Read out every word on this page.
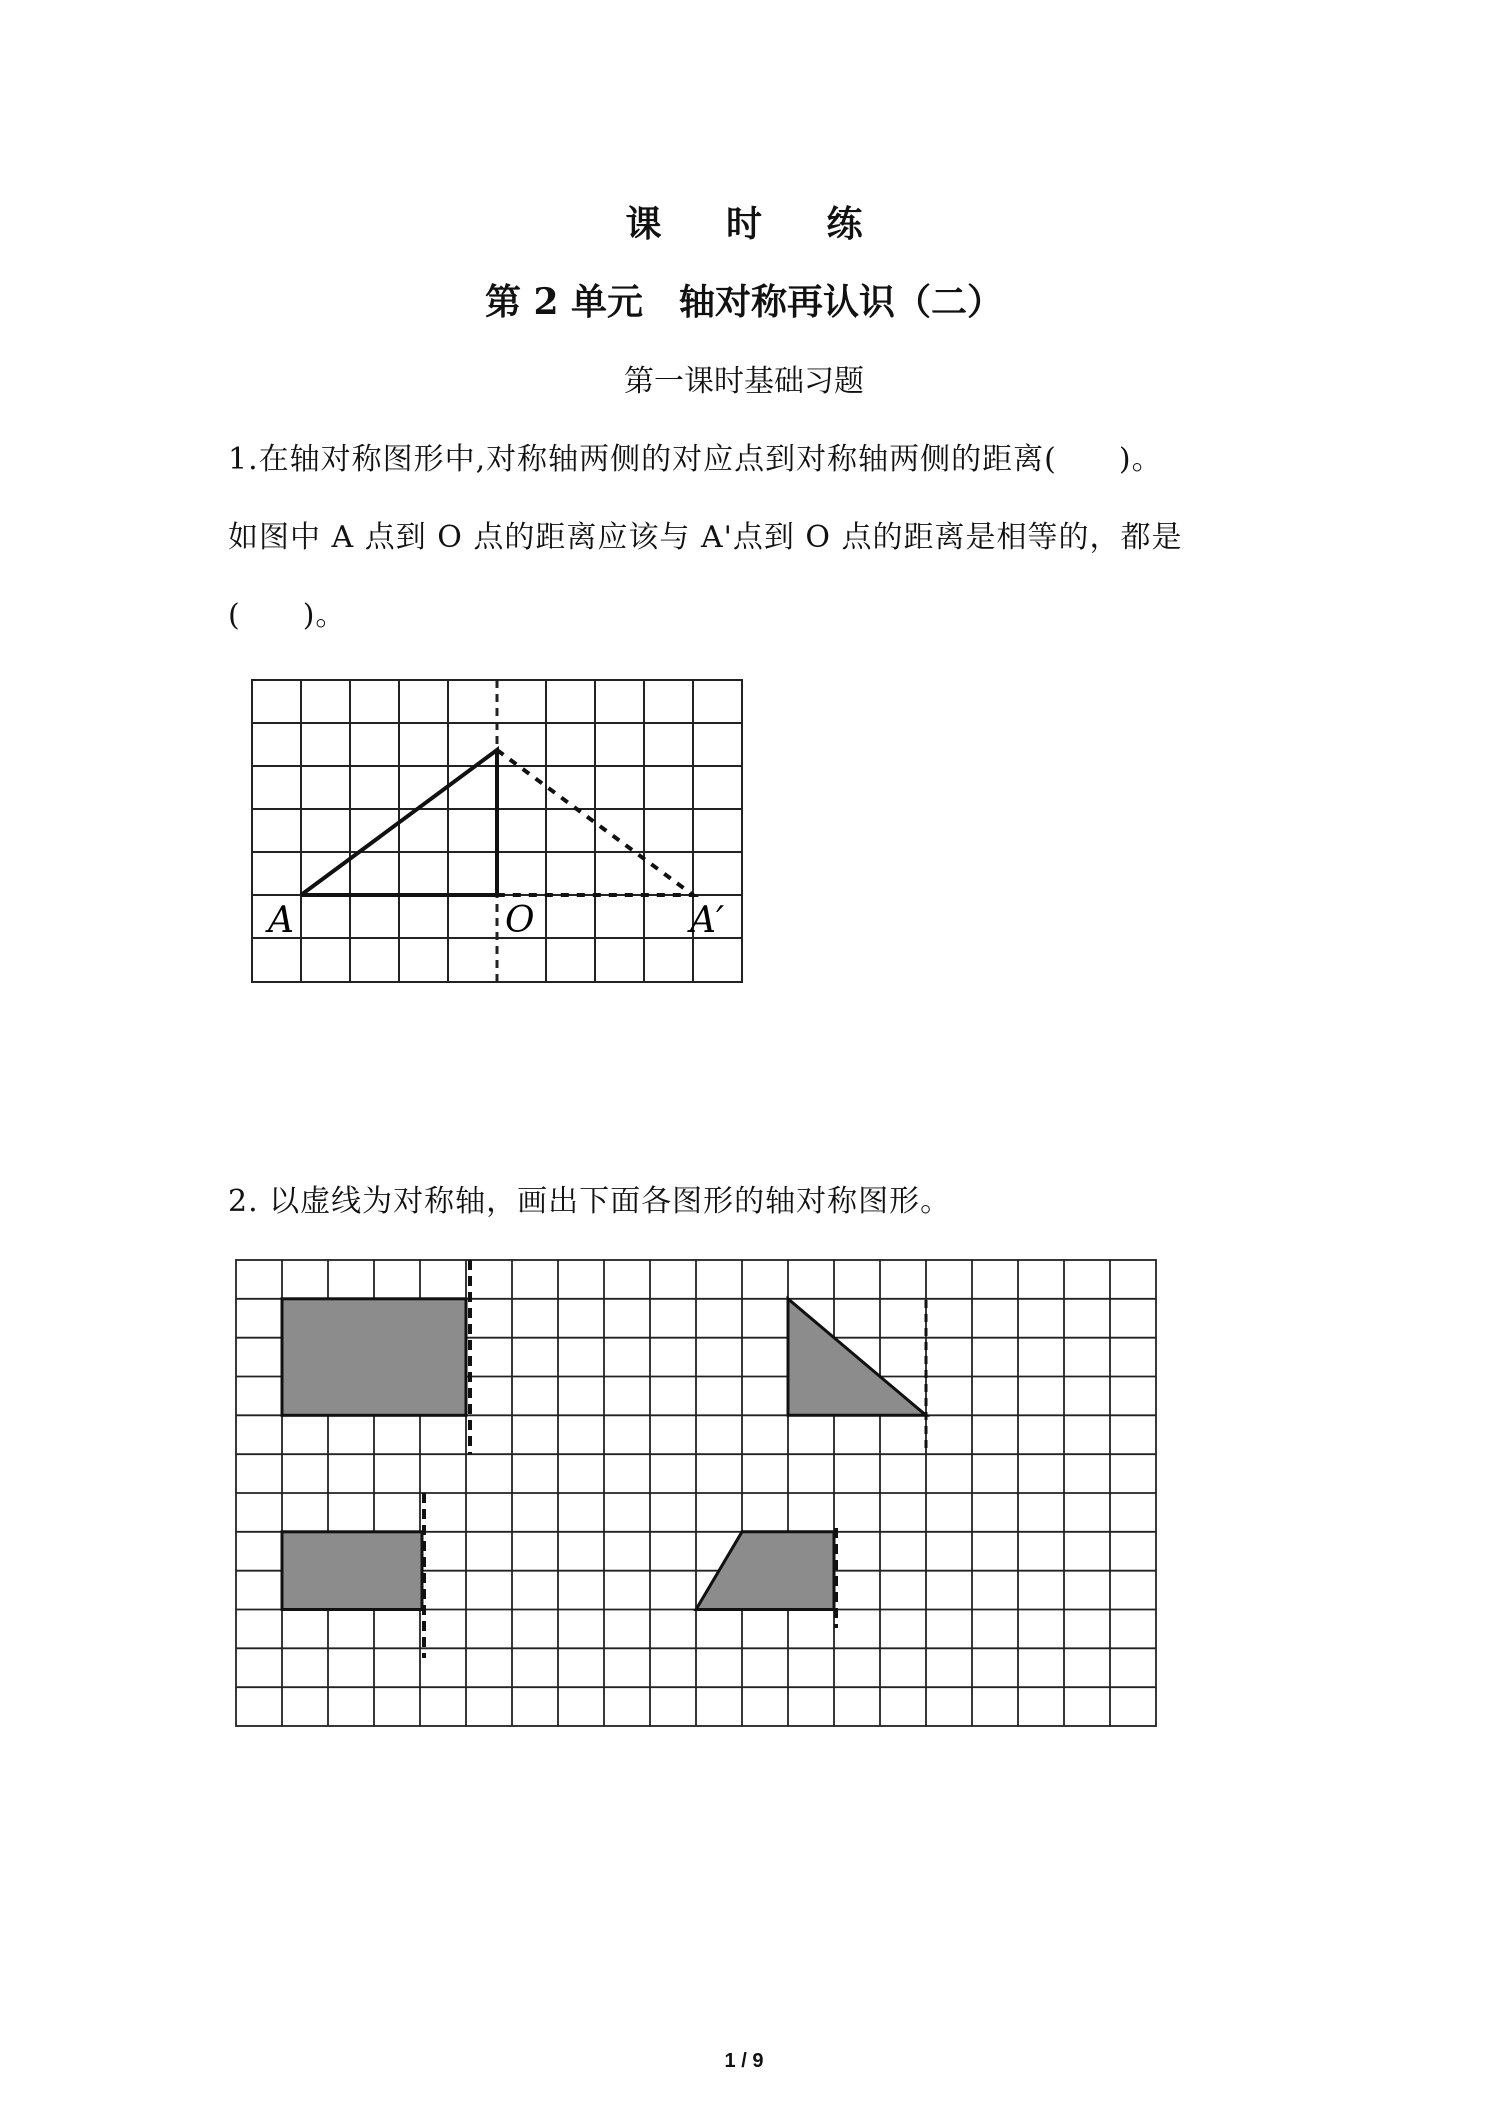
课 时 练
第 2 单元　轴对称再认识（二）
第一课时基础习题
1.在轴对称图形中,对称轴两侧的对应点到对称轴两侧的距离(　　)。
如图中 A 点到 O 点的距离应该与 A'点到 O 点的距离是相等的，都是
(　　)。
A	O	A′
2. 以虚线为对称轴，画出下面各图形的轴对称图形。
1 / 9
